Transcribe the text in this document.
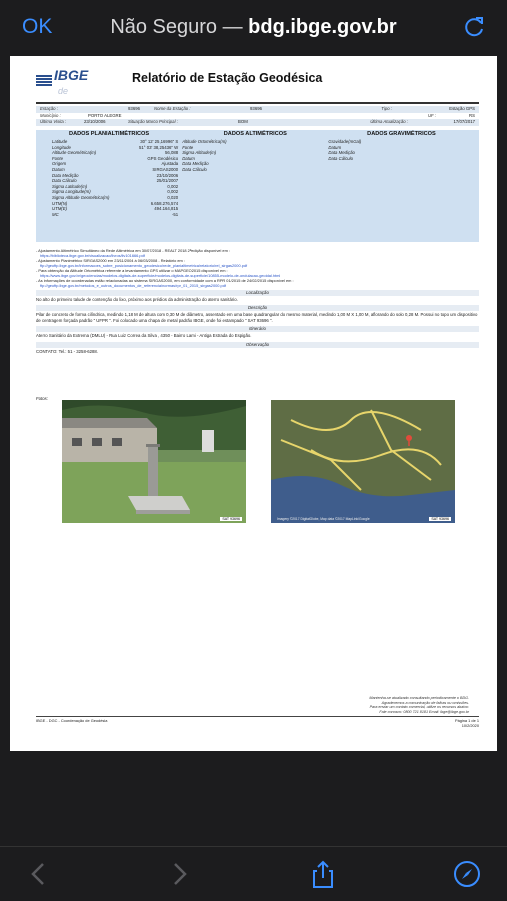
OK	Não Seguro — bdg.ibge.gov.br
IBGE
de
Relatório de Estação Geodésica
Estação :	93696	Nome da Estação :	93696	Tipo :	Estação GPS
Município :	PORTO ALEGRE	UF :	RS
Última Visita :	23/10/2006	Situação Marco Principal :	BOM	Última Atualização :	17/07/2017
DADOS PLANIALTIMÉTRICOS
Latitude	30° 12' 25,16996" S
Longitude	51° 03' 38,25436" W
Altitude Geométrica(m)	56,088
Fonte	GPS Geodésico
Origem	Ajustada
Datum	SIRGAS2000
Data Medição	23/10/2006
Data Cálculo	25/01/2007
Sigma Latitude(m)	0,002
Sigma Longitude(m)	0,002
Sigma Altitude Geométrica(m)	0,020
UTM(N)	6.658.276,574
UTM(E)	494.164,815
MC	-51
DADOS ALTIMÉTRICOS
Altitude Ortométrica(m)
Fonte
Sigma Altitude(m)
Datum
Data Medição
Data Cálculo
DADOS GRAVIMÉTRICOS
Gravidade(mGal)
Datum
Data Medição
Data Cálculo
- Ajustamento Altimétrico Simultâneo da Rede Altimétrica em 30/07/2018 - REALT 2018 2ªedição disponível em :
https://biblioteca.ibge.gov.br/visualizacao/livros/liv101666.pdf
- Ajustamento Planimétrico SIRGAS2000 em 23/11/2004 à 06/03/2008 - Relatório em :
ftp://geoftp.ibge.gov.br/informacoes_sobre_posicionamento_geodesico/rede_planialtimetrica/relatorio/rel_sirgas2000.pdf
- Para obtenção da Altitude Ortométrica referente a levantamento GPS utilizar o MAPGEO2015 disponível em :
https://www.ibge.gov.br/geociencias/modelos-digitais-de-superficie/modelos-digitais-de-superficie/10855-modelo-de-ondulacao-geoidal.html
- As informações de coordenadas estão relacionadas ao sistema SIRGAS2000, em conformidade com a RPR 01/2015 de 24/02/2015 disponível em :
ftp://geoftp.ibge.gov.br/metodos_e_outros_documentos_de_referencia/normas/rpr_01_2015_sirgas2000.pdf
Localização
No alto do primeiro talude de contenção do lixo, próximo aos prédios da administração do aterro sanitário.
Descrição
Pilar de concreto de forma cilíndrica, medindo 1,18 M de altura com 0,30 M de diâmetro, assentado em uma base quadrangular do mesmo material, medindo 1,00 M X 1,00 M, aflorando do solo 0,28 M. Possui no topo um dispositivo de centragem forçada padrão " UFPR ". Foi colocado uma chapa de metal padrão IBGE, onde foi estampado " SAT 93696 ".
Itinerário
Aterro Sanitário da Extrema (DMLU) - Rua Luiz Correa da Silva , 4350 - Bairro Lami - Antiga Estrada do Espigão.
Observação
CONTATO: Tel.: 51 - 3258-6288.
Fotos:
SAT 93696	Imagery ©2017 DigitalGlobe, Map data ©2017 MapLink/Google	SAT 93696
Mantenha-se atualizado consultando periodicamente o BDG.
Agradecemos a comunicação de falhas ou omissões.
Para enviar um contato comercial, utilize os recursos abaixo:
Fale conosco: 0800 721 8181 Email: ibge@ibge.gov.br
IBGE - DGC - Coordenação de Geodésia	Página 1 de 1
10/2/2020
